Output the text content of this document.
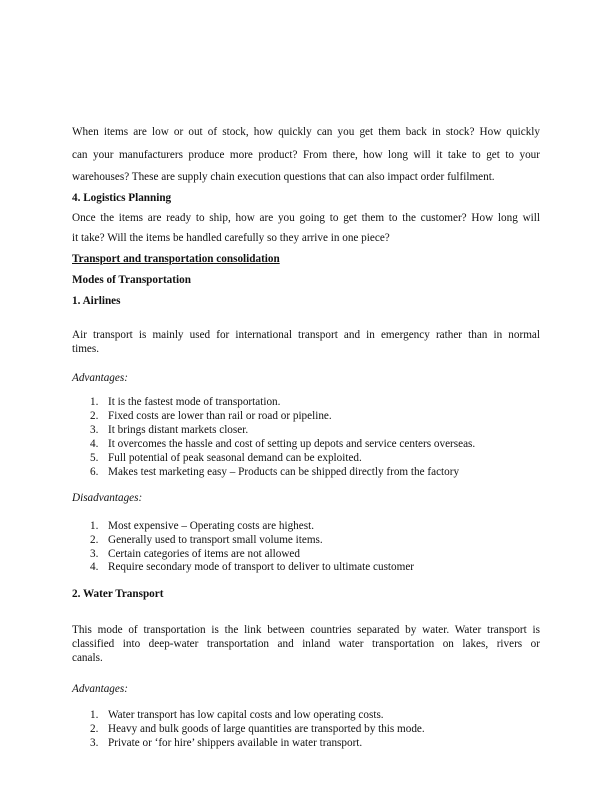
When items are low or out of stock, how quickly can you get them back in stock? How quickly
can your manufacturers produce more product? From there, how long will it take to get to your
warehouses? These are supply chain execution questions that can also impact order fulfilment.
4. Logistics Planning
Once the items are ready to ship, how are you going to get them to the customer? How long will
it take? Will the items be handled carefully so they arrive in one piece?
Transport and transportation consolidation
Modes of Transportation
1. Airlines
Air transport is mainly used for international transport and in emergency rather than in normal
times.
Advantages:
1. It is the fastest mode of transportation.
2. Fixed costs are lower than rail or road or pipeline.
3. It brings distant markets closer.
4. It overcomes the hassle and cost of setting up depots and service centers overseas.
5. Full potential of peak seasonal demand can be exploited.
6. Makes test marketing easy – Products can be shipped directly from the factory
Disadvantages:
1. Most expensive – Operating costs are highest.
2. Generally used to transport small volume items.
3. Certain categories of items are not allowed
4. Require secondary mode of transport to deliver to ultimate customer
2. Water Transport
This mode of transportation is the link between countries separated by water. Water transport is
classified into deep-water transportation and inland water transportation on lakes, rivers or
canals.
Advantages:
1. Water transport has low capital costs and low operating costs.
2. Heavy and bulk goods of large quantities are transported by this mode.
3. Private or ‘for hire’ shippers available in water transport.
